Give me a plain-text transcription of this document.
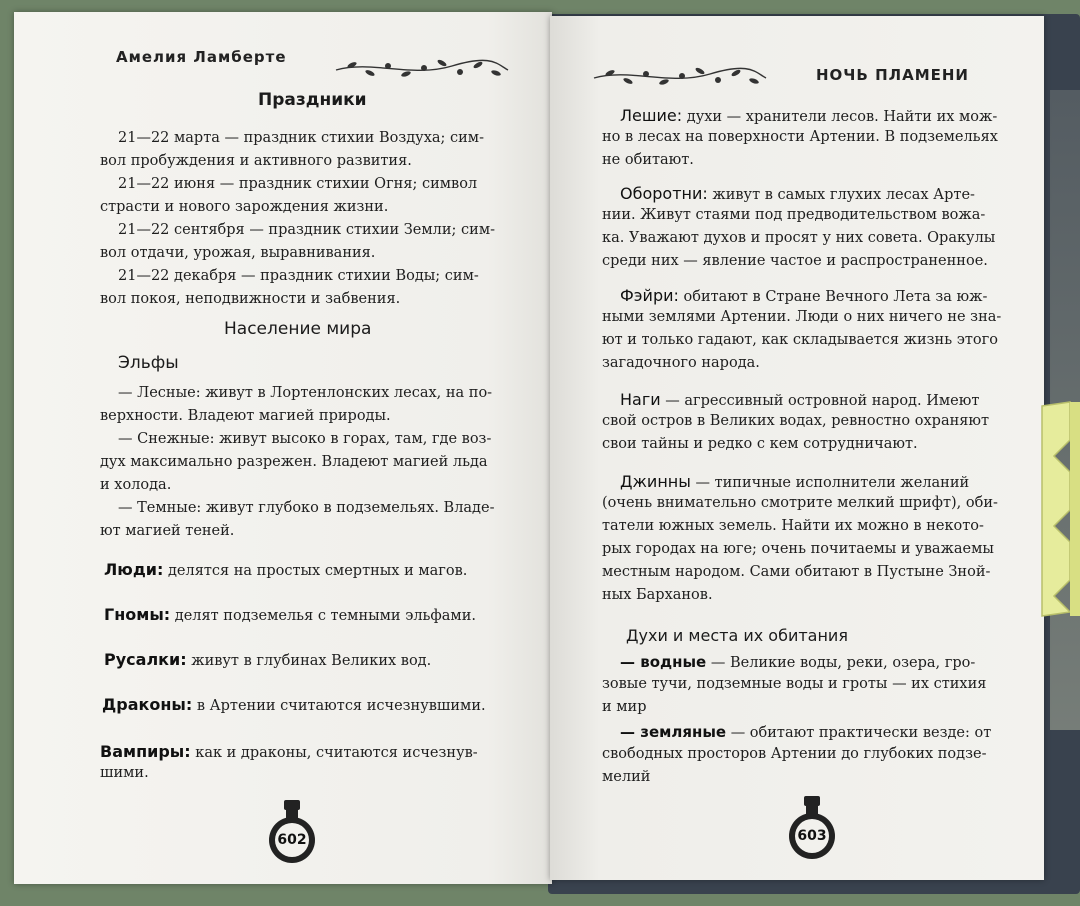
Амелия Ламберте
Праздники
21—22 марта — праздник стихии Воздуха; сим-
вол пробуждения и активного развития.
21—22 июня — праздник стихии Огня; символ
страсти и нового зарождения жизни.
21—22 сентября — праздник стихии Земли; сим-
вол отдачи, урожая, выравнивания.
21—22 декабря — праздник стихии Воды; сим-
вол покоя, неподвижности и забвения.
Население мира
Эльфы
— Лесные: живут в Лортенлонских лесах, на по-
верхности. Владеют магией природы.
— Снежные: живут высоко в горах, там, где воз-
дух максимально разрежен. Владеют магией льда
и холода.
— Темные: живут глубоко в подземельях. Владе-
ют магией теней.
Люди: делятся на простых смертных и магов.
Гномы: делят подземелья с темными эльфами.
Русалки: живут в глубинах Великих вод.
Драконы: в Артении считаются исчезнувшими.
Вампиры: как и драконы, считаются исчезнув-
шими.
602
НОЧЬ ПЛАМЕНИ
Лешие: духи — хранители лесов. Найти их мож-
но в лесах на поверхности Артении. В подземельях
не обитают.
Оборотни: живут в самых глухих лесах Арте-
нии. Живут стаями под предводительством вожа-
ка. Уважают духов и просят у них совета. Оракулы
среди них — явление частое и распространенное.
Фэйри: обитают в Стране Вечного Лета за юж-
ными землями Артении. Люди о них ничего не зна-
ют и только гадают, как складывается жизнь этого
загадочного народа.
Наги — агрессивный островной народ. Имеют
свой остров в Великих водах, ревностно охраняют
свои тайны и редко с кем сотрудничают.
Джинны — типичные исполнители желаний
(очень внимательно смотрите мелкий шрифт), оби-
татели южных земель. Найти их можно в некото-
рых городах на юге; очень почитаемы и уважаемы
местным народом. Сами обитают в Пустыне Зной-
ных Барханов.
Духи и места их обитания
— водные — Великие воды, реки, озера, гро-
зовые тучи, подземные воды и гроты — их стихия
и мир
— земляные — обитают практически везде: от
свободных просторов Артении до глубоких подзе-
мелий
603
